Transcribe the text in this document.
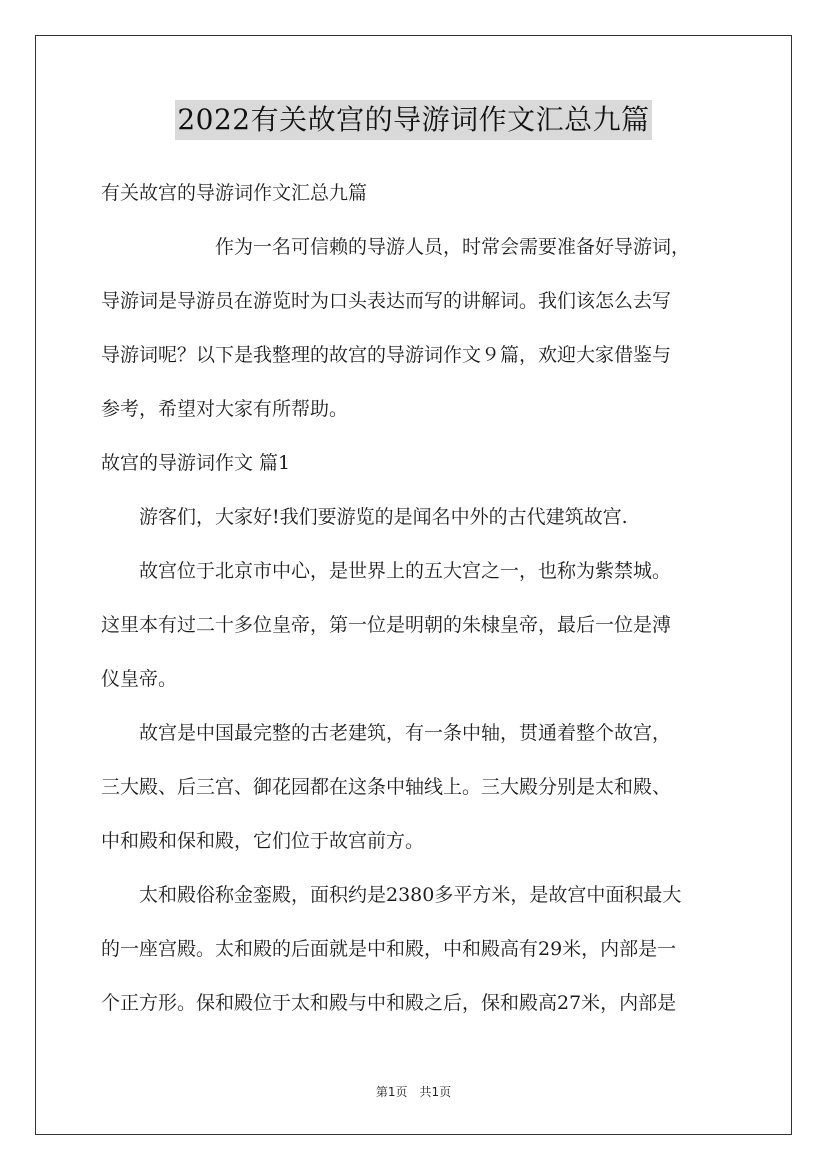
2022有关故宫的导游词作文汇总九篇
有关故宫的导游词作文汇总九篇
　　　　　　作为一名可信赖的导游人员，时常会需要准备好导游词，
导游词是导游员在游览时为口头表达而写的讲解词。我们该怎么去写
导游词呢？以下是我整理的故宫的导游词作文９篇，欢迎大家借鉴与
参考，希望对大家有所帮助。
故宫的导游词作文 篇1
　　游客们，大家好!我们要游览的是闻名中外的古代建筑故宫.
　　故宫位于北京市中心，是世界上的五大宫之一，也称为紫禁城。
这里本有过二十多位皇帝，第一位是明朝的朱棣皇帝，最后一位是溥
仪皇帝。
　　故宫是中国最完整的古老建筑，有一条中轴，贯通着整个故宫，
三大殿、后三宫、御花园都在这条中轴线上。三大殿分别是太和殿、
中和殿和保和殿，它们位于故宫前方。
　　太和殿俗称金銮殿，面积约是2380多平方米，是故宫中面积最大
的一座宫殿。太和殿的后面就是中和殿，中和殿高有29米，内部是一
个正方形。保和殿位于太和殿与中和殿之后，保和殿高27米，内部是
第1页　共1页
